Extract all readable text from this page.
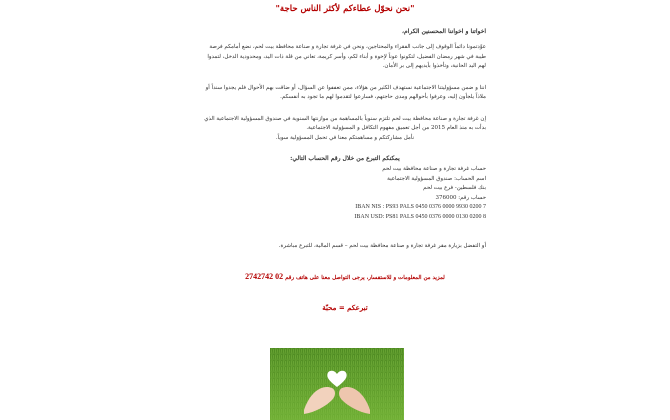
"نحن نحوّل عطاءكم لأكثر الناس حاجة"
اخواتنا و اخواننا المحسنين الكرام،

عوّدتمونا دائماً الوقوف إلى جانب الفقراء والمحتاجين، ونحن في غرفة تجارة و صناعة محافظة بيت لحم، نضع أمامكم فرصة طيبة في شهر رمضان الفضيل، لتكونوا عوناً لإخوة و أبناء لكم، وأسر كريمة، تعاني من قلة ذات اليد، ومحدودية الدخل، لتمدوا لهم اليد الحانية، وتأخذوا بأيديهم إلى بر الأمان.

اننا و ضمن مسؤوليتنا الاجتماعية نستهدف الكثير من هؤلاء، ممن تعففوا عن السؤال، أو ضاقت بهم الأحوال فلم يجدوا سنداً أو ملاذاً يلجأون إليه، وعرفوا بأحوالهم ومدى حاجتهم، فسارعوا لتقدموا لهم ما تجود به أنفسكم.

إن غرفة تجارة و صناعة محافظة بيت لحم تلتزم سنوياً بالمساهمة من موازنتها السنوية في صندوق المسؤولية الاجتماعية الذي بدأت به منذ العام 2015 من أجل تعميق مفهوم التكافل و المسؤولية الاجتماعية.

نأمل مشاركتكم و مساهمتكم معنا في تحمل المسؤولية سوياً.

يمكنكم التبرع من خلال رقم الحساب التالي:
حساب غرفة تجارة و صناعة محافظة بيت لحم
اسم الحساب: صندوق المسؤولية الاجتماعية
بنك فلسطين- فرع بيت لحم
حساب رقم: 376000
IBAN NIS : PS93 PALS 0450 0376 0000 9930 0200 7
IBAN USD: PS81 PALS 0450 0376 0000 0130 0200 8
أو التفضل بزيارة مقر غرفة تجارة و صناعة محافظة بيت لحم – قسم المالية، للتبرع مباشرة.
لمزيد من المعلومات و للاستفسار، يرجى التواصل معنا على هاتف رقم 02 2742742
تبرعكم = محبّة
